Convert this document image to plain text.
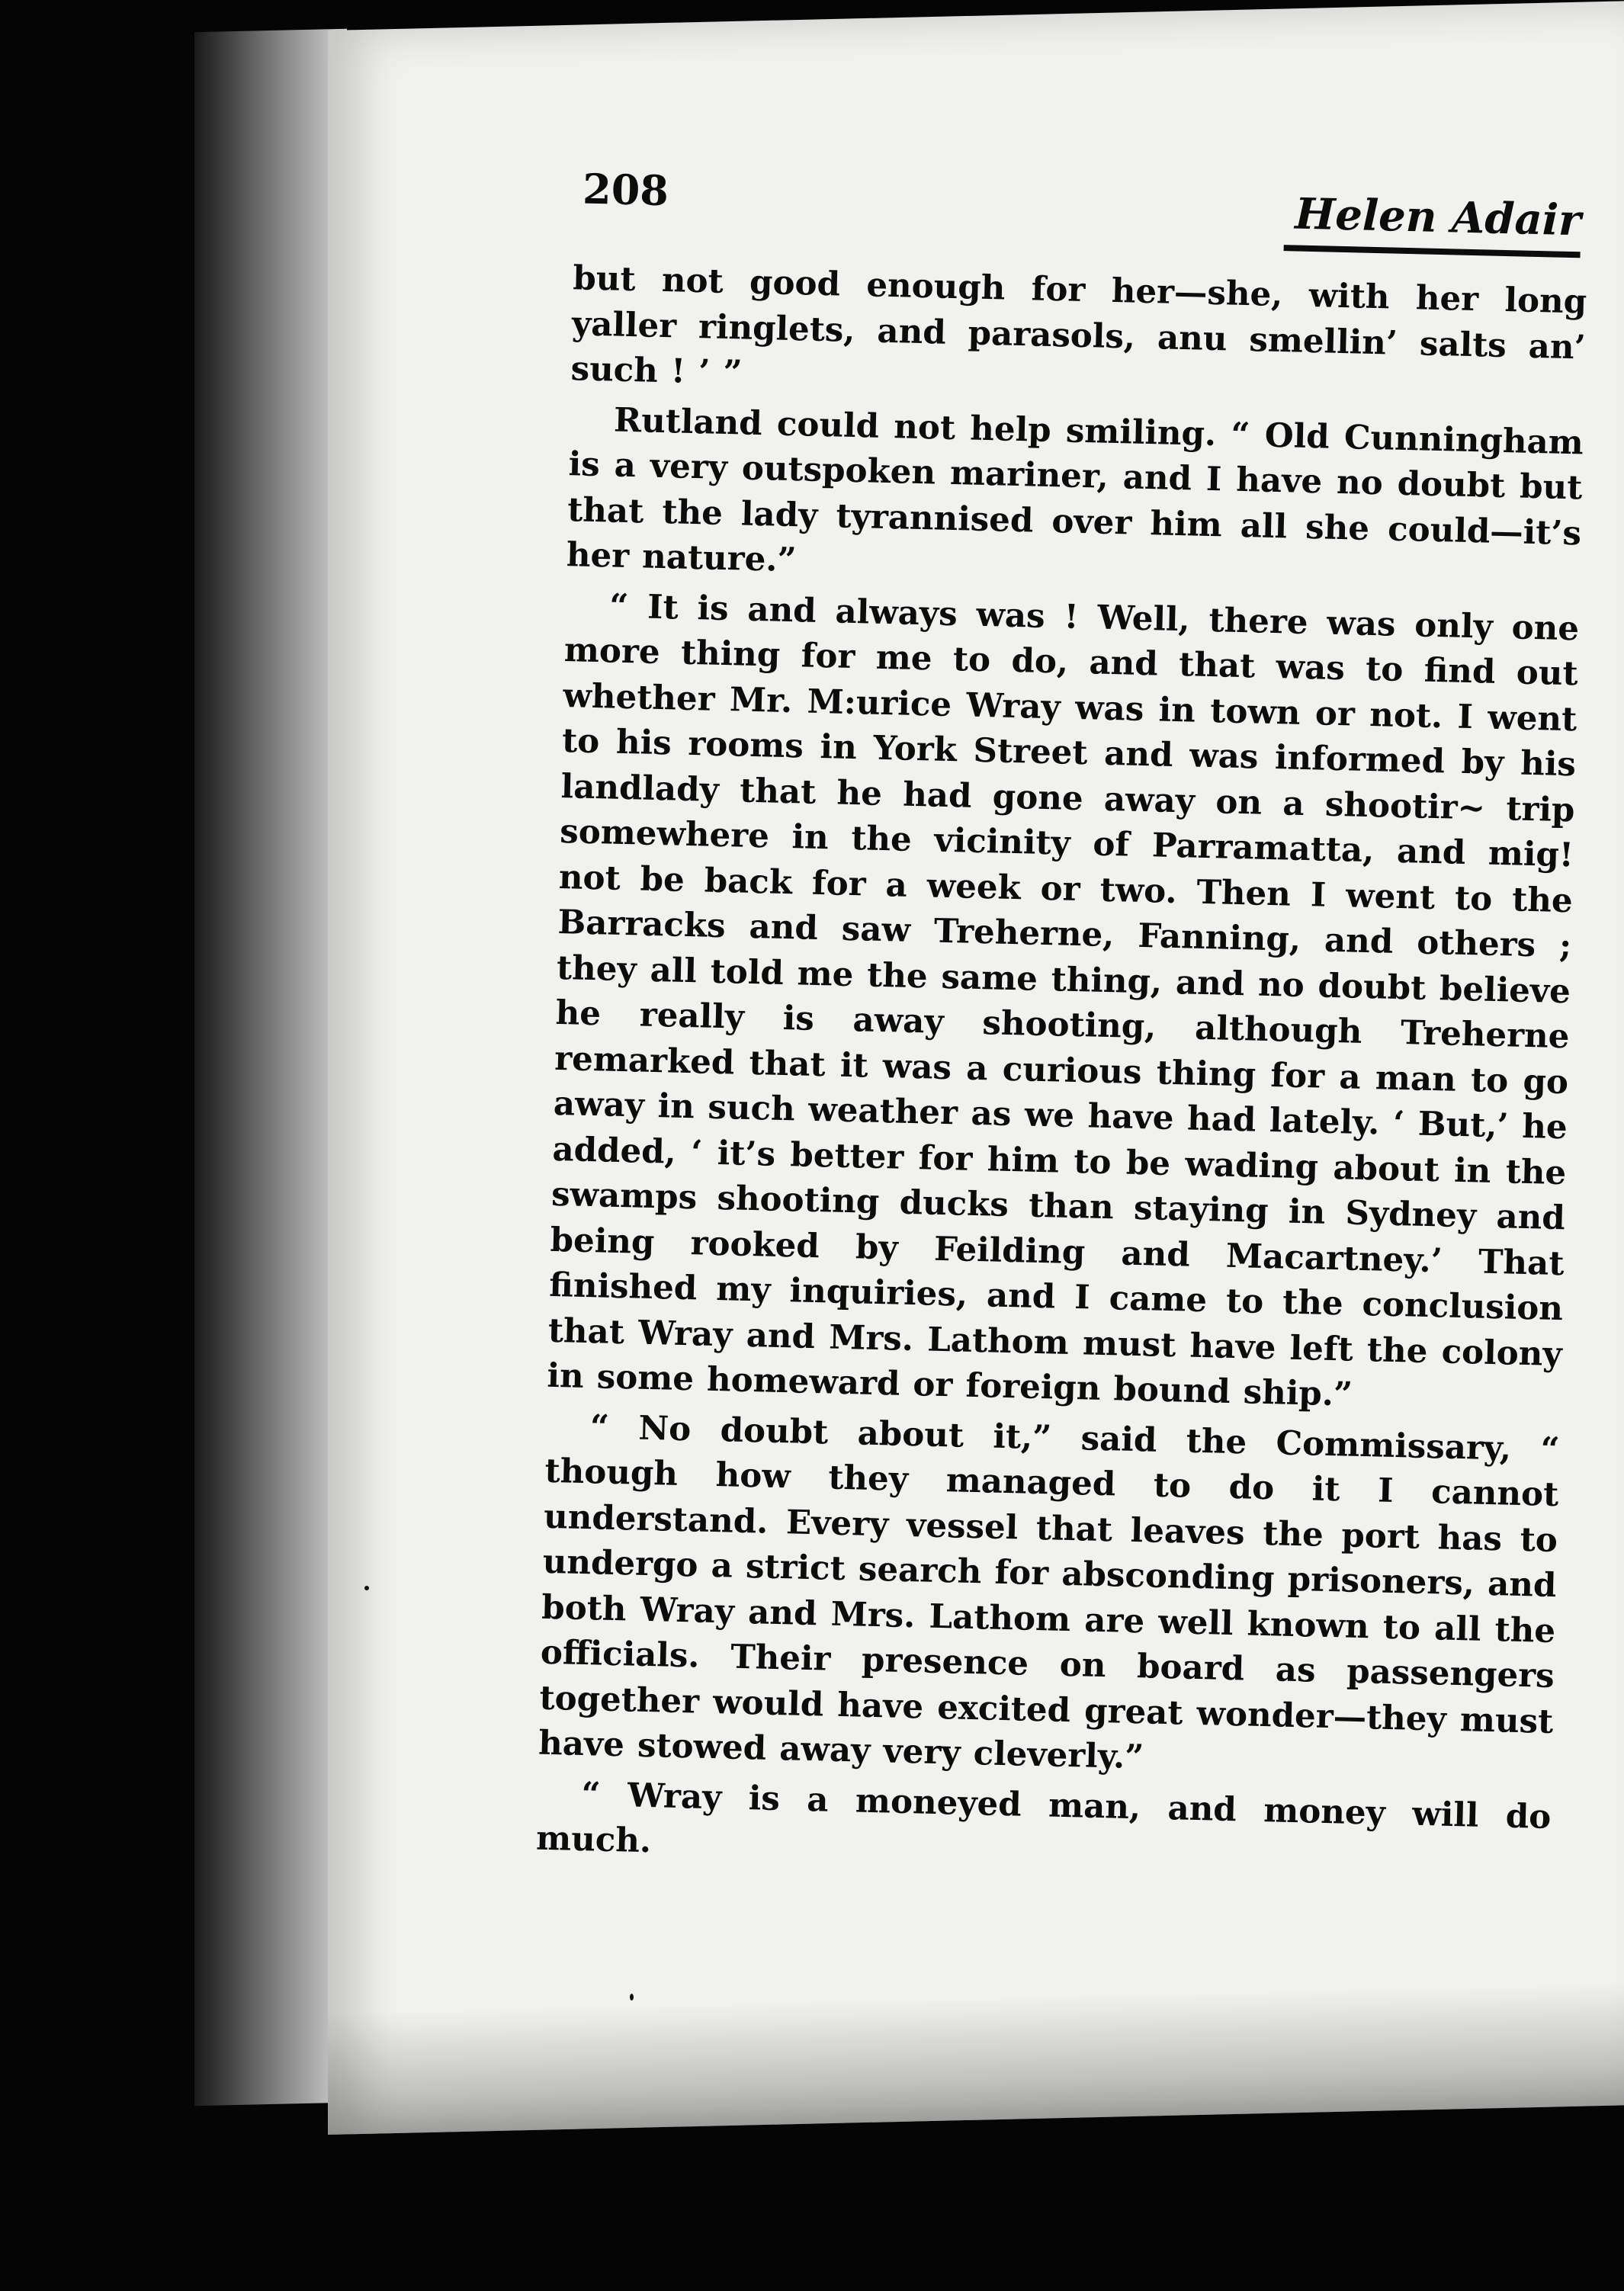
208	Helen Adair

but not good enough for her—she, with her long yaller ringlets, and parasols, anu smellin’ salts an’ such ! ’ ”

Rutland could not help smiling. “ Old Cunningham is a very outspoken mariner, and I have no doubt but that the lady tyrannised over him all she could—it’s her nature.”

“ It is and always was ! Well, there was only one more thing for me to do, and that was to find out whether Mr. M:urice Wray was in town or not. I went to his rooms in York Street and was informed by his landlady that he had gone away on a shootir~ trip somewhere in the vicinity of Parramatta, and mig! not be back for a week or two. Then I went to the Barracks and saw Treherne, Fanning, and others ; they all told me the same thing, and no doubt believe he really is away shooting, although Treherne remarked that it was a curious thing for a man to go away in such weather as we have had lately. ‘ But,’ he added, ‘ it’s better for him to be wading about in the swamps shooting ducks than staying in Sydney and being rooked by Feilding and Macartney.’ That finished my inquiries, and I came to the conclusion that Wray and Mrs. Lathom must have left the colony in some homeward or foreign bound ship.”

“ No doubt about it,” said the Commissary, “ though how they managed to do it I cannot understand. Every vessel that leaves the port has to undergo a strict search for absconding prisoners, and both Wray and Mrs. Lathom are well known to all the officials. Their presence on board as passengers together would have excited great wonder—they must have stowed away very cleverly.”

“ Wray is a moneyed man, and money will do much.
